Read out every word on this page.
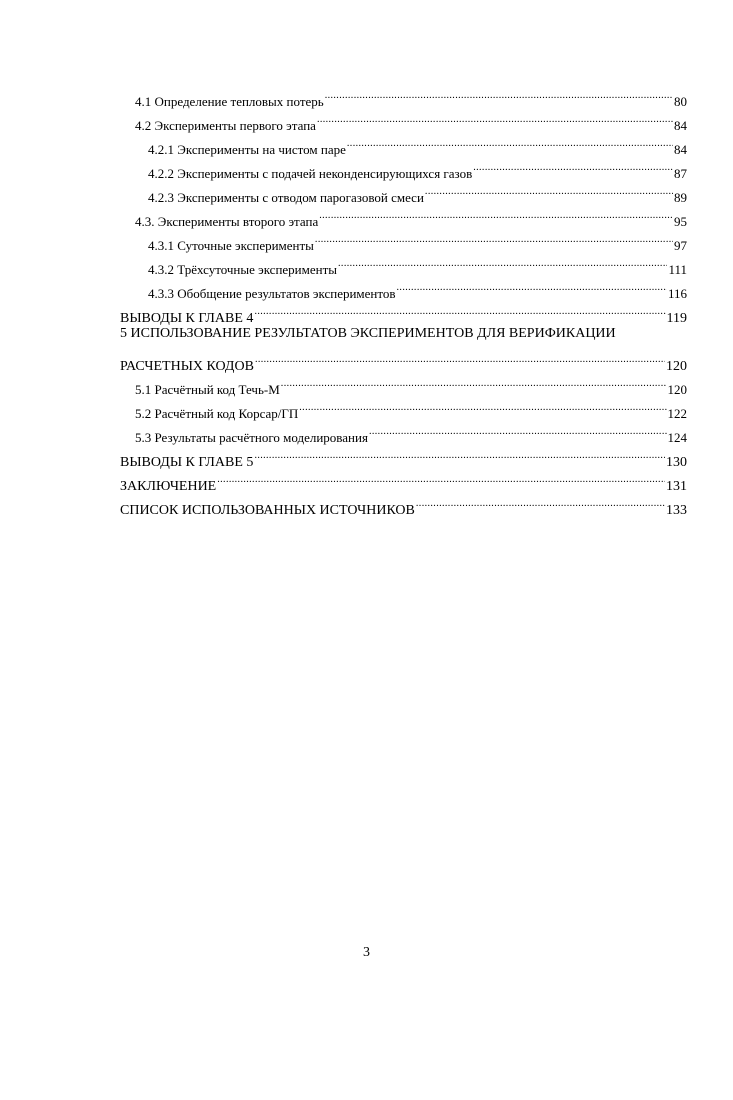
4.1 Определение тепловых потерь .....	80
4.2 Эксперименты первого этапа .....	84
4.2.1 Эксперименты на чистом паре .....	84
4.2.2 Эксперименты с подачей неконденсирующихся газов .....	87
4.2.3 Эксперименты с отводом парогазовой смеси .....	89
4.3. Эксперименты второго этапа .....	95
4.3.1 Суточные эксперименты .....	97
4.3.2 Трёхсуточные эксперименты .....	111
4.3.3 Обобщение результатов экспериментов .....	116
ВЫВОДЫ К ГЛАВЕ 4 .....	119
5 ИСПОЛЬЗОВАНИЕ РЕЗУЛЬТАТОВ ЭКСПЕРИМЕНТОВ ДЛЯ ВЕРИФИКАЦИИ
РАСЧЕТНЫХ КОДОВ .....	120
5.1 Расчётный код Течь-М .....	120
5.2 Расчётный код Корсар/ГП .....	122
5.3 Результаты расчётного моделирования .....	124
ВЫВОДЫ К ГЛАВЕ 5 .....	130
ЗАКЛЮЧЕНИЕ .....	131
СПИСОК ИСПОЛЬЗОВАННЫХ ИСТОЧНИКОВ .....	133
3
